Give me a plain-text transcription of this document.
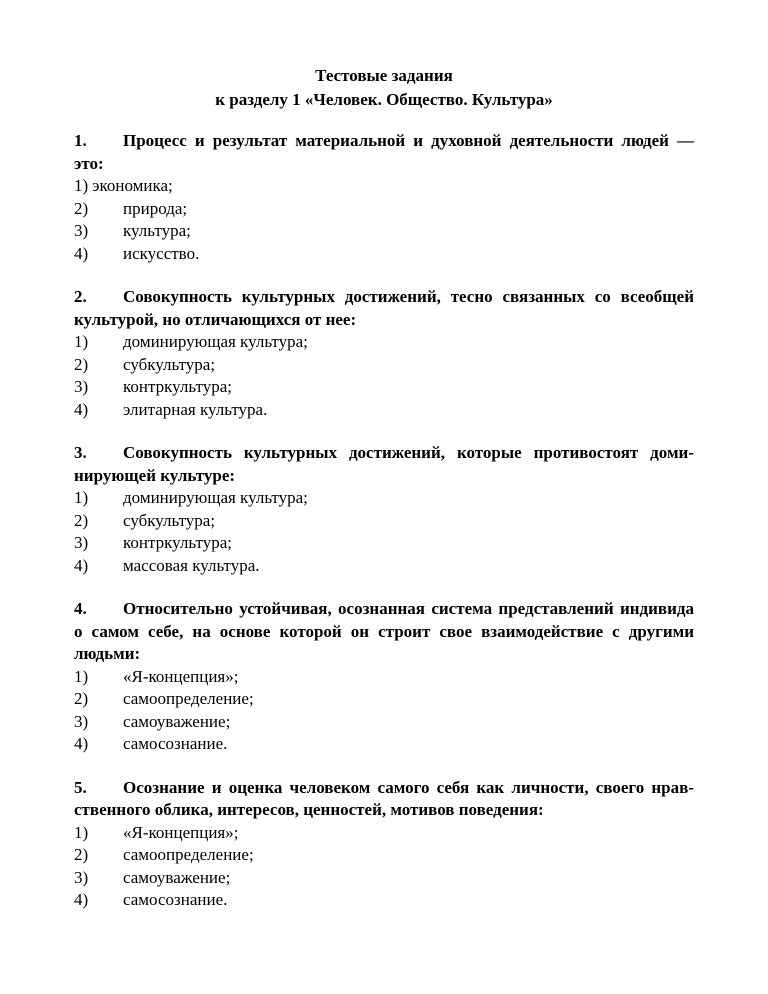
Тестовые задания
к разделу 1 «Человек. Общество. Культура»

1. Процесс и результат материальной и духовной деятельности людей — это:

1) экономика;
2)	природа;
3)	культура;
4)	искусство.

2. Совокупность культурных достижений, тесно связанных со всеобщей культурой, но отличающихся от нее:

1)	доминирующая культура;
2)	субкультура;
3)	контркультура;
4)	элитарная культура.

3. Совокупность культурных достижений, которые противостоят доминирующей культуре:

1)	доминирующая культура;
2)	субкультура;
3)	контркультура;
4)	массовая культура.

4. Относительно устойчивая, осознанная система представлений индивида о самом себе, на основе которой он строит свое взаимодействие с другими людьми:

1)	«Я-концепция»;
2)	самоопределение;
3)	самоуважение;
4)	самосознание.

5. Осознание и оценка человеком самого себя как личности, своего нравственного облика, интересов, ценностей, мотивов поведения:

1)	«Я-концепция»;
2)	самоопределение;
3)	самоуважение;
4)	самосознание.
